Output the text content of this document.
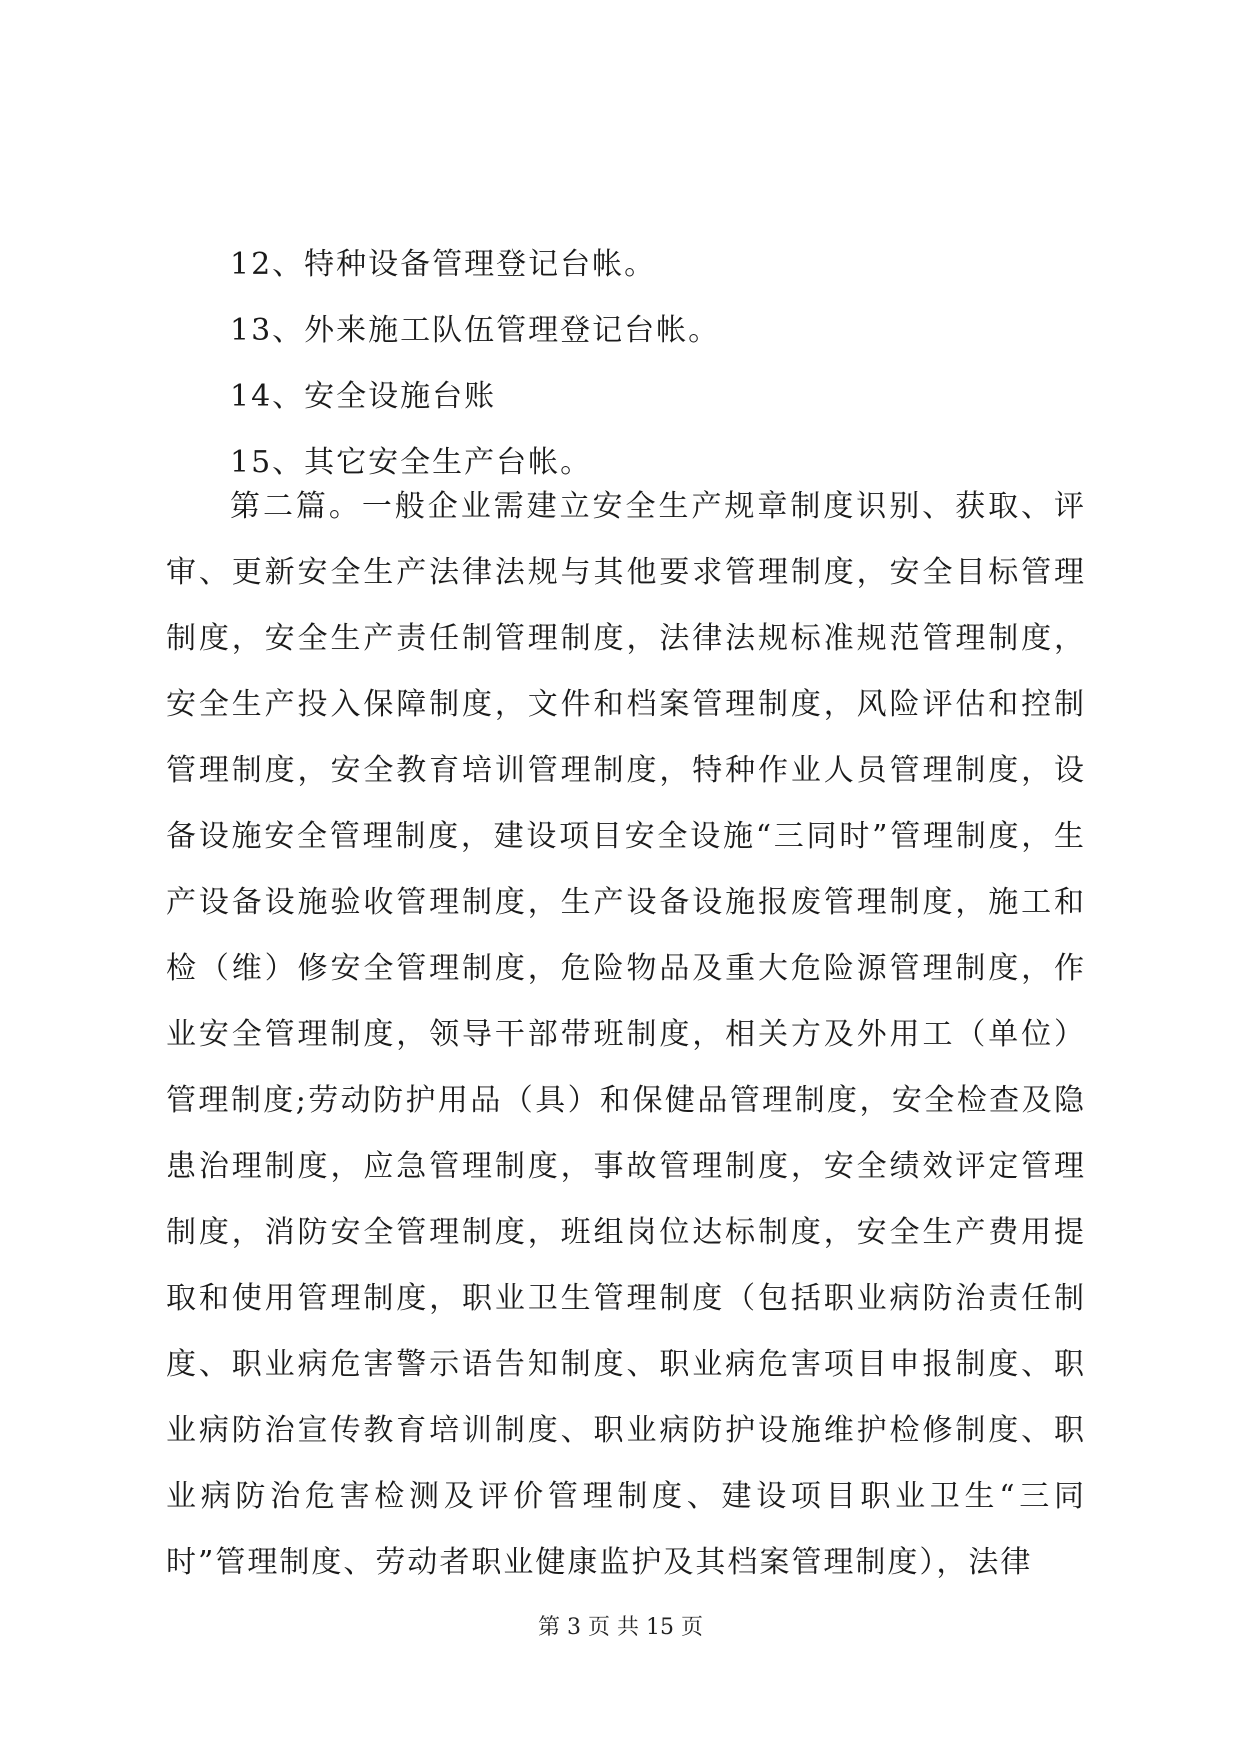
12、特种设备管理登记台帐。
13、外来施工队伍管理登记台帐。
14、安全设施台账
15、其它安全生产台帐。

第二篇。一般企业需建立安全生产规章制度识别、获取、评审、更新安全生产法律法规与其他要求管理制度，安全目标管理制度，安全生产责任制管理制度，法律法规标准规范管理制度，安全生产投入保障制度，文件和档案管理制度，风险评估和控制管理制度，安全教育培训管理制度，特种作业人员管理制度，设备设施安全管理制度，建设项目安全设施“三同时”管理制度，生产设备设施验收管理制度，生产设备设施报废管理制度，施工和检（维）修安全管理制度，危险物品及重大危险源管理制度，作业安全管理制度，领导干部带班制度，相关方及外用工（单位）管理制度;劳动防护用品（具）和保健品管理制度，安全检查及隐患治理制度，应急管理制度，事故管理制度，安全绩效评定管理制度，消防安全管理制度，班组岗位达标制度，安全生产费用提取和使用管理制度，职业卫生管理制度（包括职业病防治责任制度、职业病危害警示语告知制度、职业病危害项目申报制度、职业病防治宣传教育培训制度、职业病防护设施维护检修制度、职业病防治危害检测及评价管理制度、建设项目职业卫生“三同时”管理制度、劳动者职业健康监护及其档案管理制度），法律

第 3 页 共 15 页
